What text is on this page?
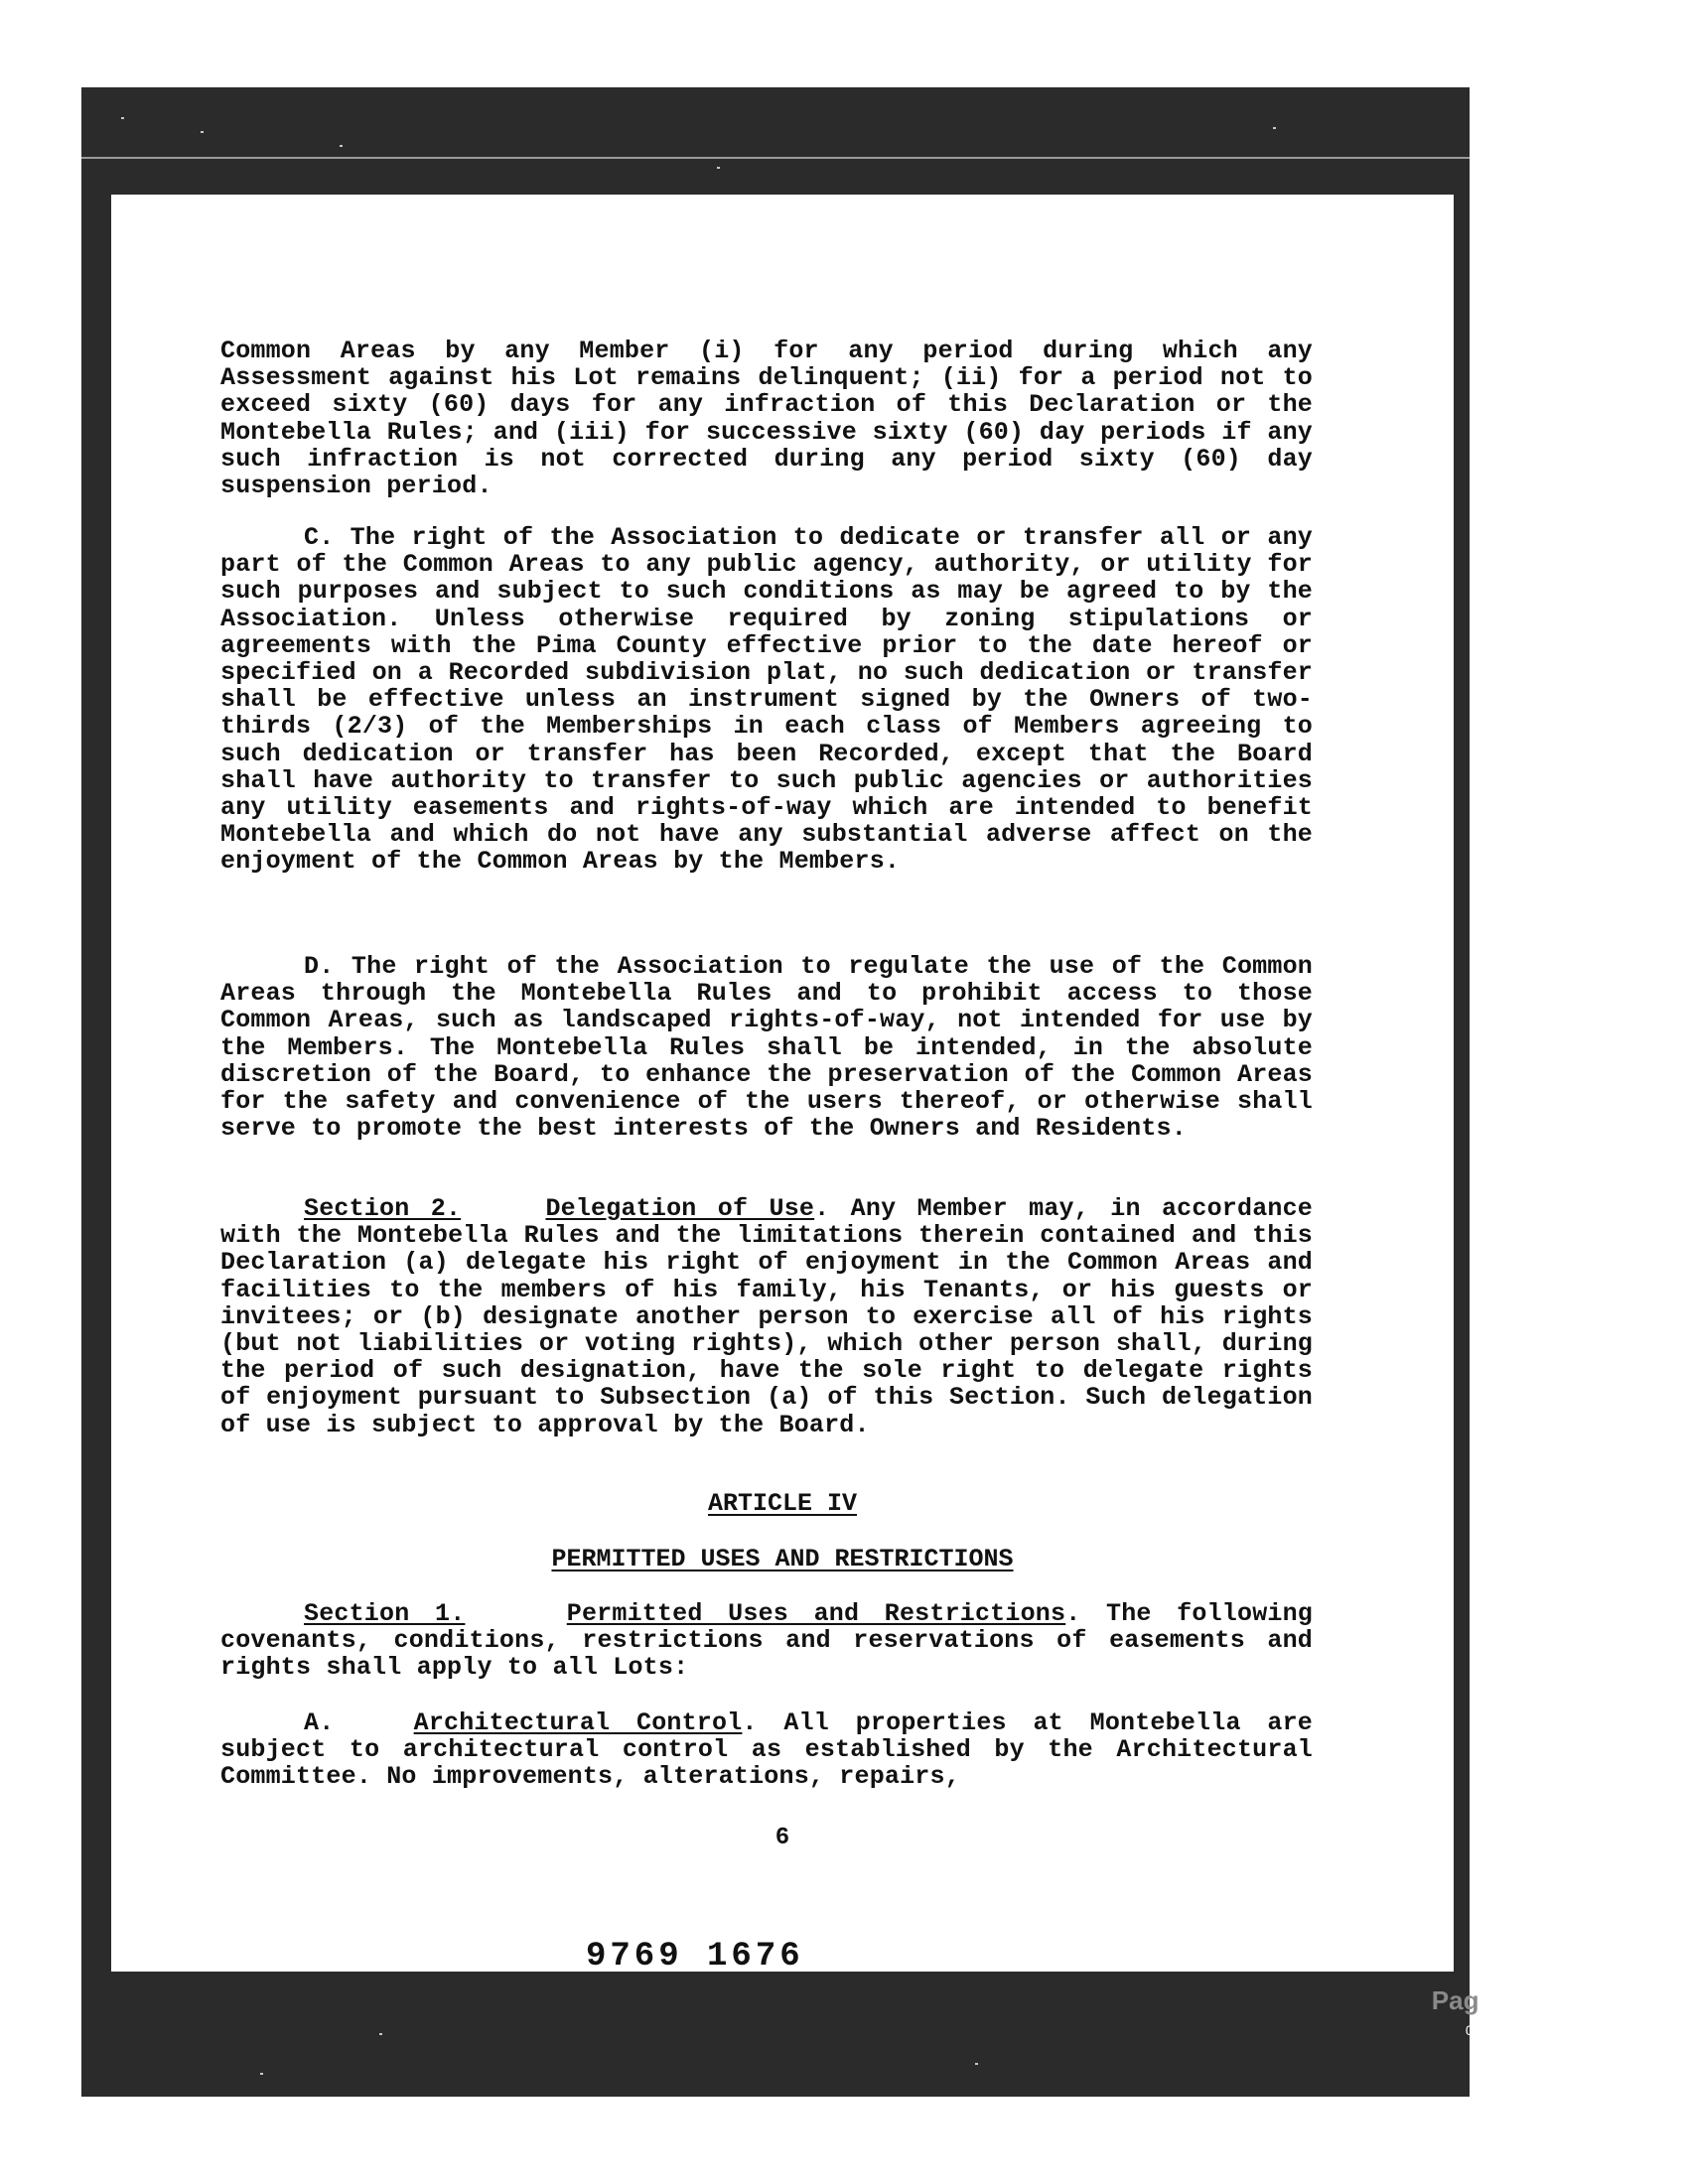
Common Areas by any Member (i) for any period during which any Assessment against his Lot remains delinquent; (ii) for a period not to exceed sixty (60) days for any infraction of this Declaration or the Montebella Rules; and (iii) for successive sixty (60) day periods if any such infraction is not corrected during any period sixty (60) day suspension period.

C. The right of the Association to dedicate or transfer all or any part of the Common Areas to any public agency, authority, or utility for such purposes and subject to such conditions as may be agreed to by the Association. Unless otherwise required by zoning stipulations or agreements with the Pima County effective prior to the date hereof or specified on a Recorded subdivision plat, no such dedication or transfer shall be effective unless an instrument signed by the Owners of two-thirds (2/3) of the Memberships in each class of Members agreeing to such dedication or transfer has been Recorded, except that the Board shall have authority to transfer to such public agencies or authorities any utility easements and rights-of-way which are intended to benefit Montebella and which do not have any substantial adverse affect on the enjoyment of the Common Areas by the Members.

D. The right of the Association to regulate the use of the Common Areas through the Montebella Rules and to prohibit access to those Common Areas, such as landscaped rights-of-way, not intended for use by the Members. The Montebella Rules shall be intended, in the absolute discretion of the Board, to enhance the preservation of the Common Areas for the safety and convenience of the users thereof, or otherwise shall serve to promote the best interests of the Owners and Residents.

Section 2.	Delegation of Use. Any Member may, in accordance with the Montebella Rules and the limitations therein contained and this Declaration (a) delegate his right of enjoyment in the Common Areas and facilities to the members of his family, his Tenants, or his guests or invitees; or (b) designate another person to exercise all of his rights (but not liabilities or voting rights), which other person shall, during the period of such designation, have the sole right to delegate rights of enjoyment pursuant to Subsection (a) of this Section. Such delegation of use is subject to approval by the Board.

ARTICLE IV
PERMITTED USES AND RESTRICTIONS

Section 1.	Permitted Uses and Restrictions. The following covenants, conditions, restrictions and reservations of easements and rights shall apply to all Lots:

A.	Architectural Control. All properties at Montebella are subject to architectural control as established by the Architectural Committee. No improvements, alterations, repairs,

6
9769 1676
Page 10 of 37
07/15/2011 10:51 AM
